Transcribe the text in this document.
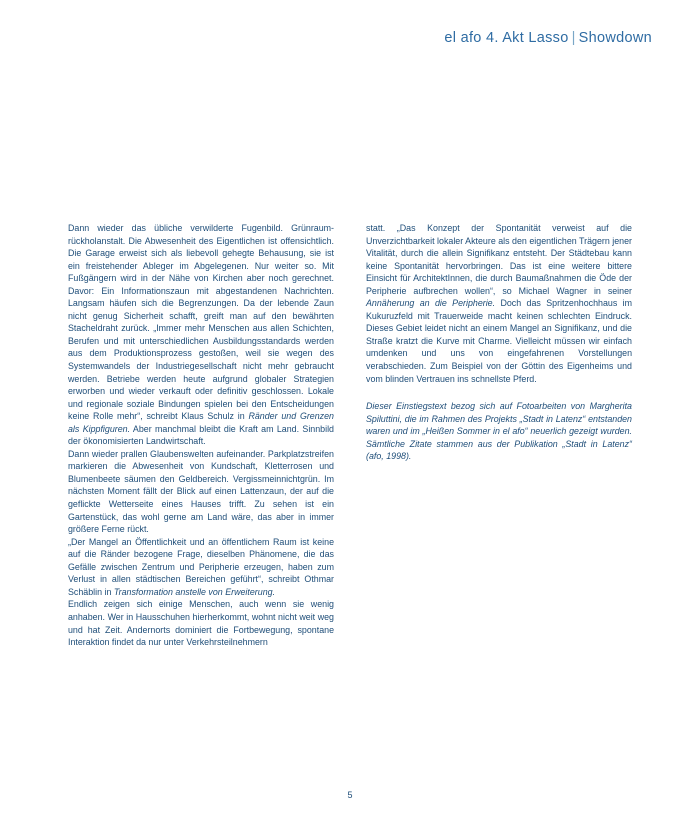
el afo 4. Akt Lasso | Showdown

Dann wieder das übliche verwilderte Fugenbild. Grünraum-rückholanstalt. Die Abwesenheit des Eigentlichen ist offensichtlich. Die Garage erweist sich als liebevoll gehegte Behausung, sie ist ein freistehender Ableger im Abgelegenen. Nur weiter so. Mit Fußgängern wird in der Nähe von Kirchen aber noch gerechnet. Davor: Ein Informationszaun mit abgestandenen Nachrichten. Langsam häufen sich die Begrenzungen. Da der lebende Zaun nicht genug Sicherheit schafft, greift man auf den bewährten Stacheldraht zurück. „Immer mehr Menschen aus allen Schichten, Berufen und mit unterschiedlichen Ausbildungsstandards werden aus dem Produktionsprozess gestoßen, weil sie wegen des Systemwandels der Industriegesellschaft nicht mehr gebraucht werden. Betriebe werden heute aufgrund globaler Strategien erworben und wieder verkauft oder definitiv geschlossen. Lokale und regionale soziale Bindungen spielen bei den Entscheidungen keine Rolle mehr“, schreibt Klaus Schulz in Ränder und Grenzen als Kippfiguren. Aber manchmal bleibt die Kraft am Land. Sinnbild der ökonomisierten Landwirtschaft.

Dann wieder prallen Glaubenswelten aufeinander. Parkplatzstreifen markieren die Abwesenheit von Kundschaft, Kletterrosen und Blumenbeete säumen den Geldbereich. Vergissmeinnichtgrün. Im nächsten Moment fällt der Blick auf einen Lattenzaun, der auf die geflickte Wetterseite eines Hauses trifft. Zu sehen ist ein Gartenstück, das wohl gerne am Land wäre, das aber in immer größere Ferne rückt.

„Der Mangel an Öffentlichkeit und an öffentlichem Raum ist keine auf die Ränder bezogene Frage, dieselben Phänomene, die das Gefälle zwischen Zentrum und Peripherie erzeugen, haben zum Verlust in allen städtischen Bereichen geführt“, schreibt Othmar Schäblin in Transformation anstelle von Erweiterung.

Endlich zeigen sich einige Menschen, auch wenn sie wenig anhaben. Wer in Hausschuhen hierherkommt, wohnt nicht weit weg und hat Zeit. Andernorts dominiert die Fortbewegung, spontane Interaktion findet da nur unter Verkehrsteilnehmern

statt. „Das Konzept der Spontanität verweist auf die Unverzichtbarkeit lokaler Akteure als den eigentlichen Trägern jener Vitalität, durch die allein Signifikanz entsteht. Der Städtebau kann keine Spontanität hervorbringen. Das ist eine weitere bittere Einsicht für ArchitektInnen, die durch Baumaßnahmen die Öde der Peripherie aufbrechen wollen“, so Michael Wagner in seiner Annäherung an die Peripherie. Doch das Spritzenhochhaus im Kukuruzfeld mit Trauerweide macht keinen schlechten Eindruck. Dieses Gebiet leidet nicht an einem Mangel an Signifikanz, und die Straße kratzt die Kurve mit Charme. Vielleicht müssen wir einfach umdenken und uns von eingefahrenen Vorstellungen verabschieden. Zum Beispiel von der Göttin des Eigenheims und vom blinden Vertrauen ins schnellste Pferd.

Dieser Einstiegstext bezog sich auf Fotoarbeiten von Margherita Spiluttini, die im Rahmen des Projekts „Stadt in Latenz“ entstanden waren und im „Heißen Sommer in el afo“ neuerlich gezeigt wurden. Sämtliche Zitate stammen aus der Publikation „Stadt in Latenz“ (afo, 1998).

5
